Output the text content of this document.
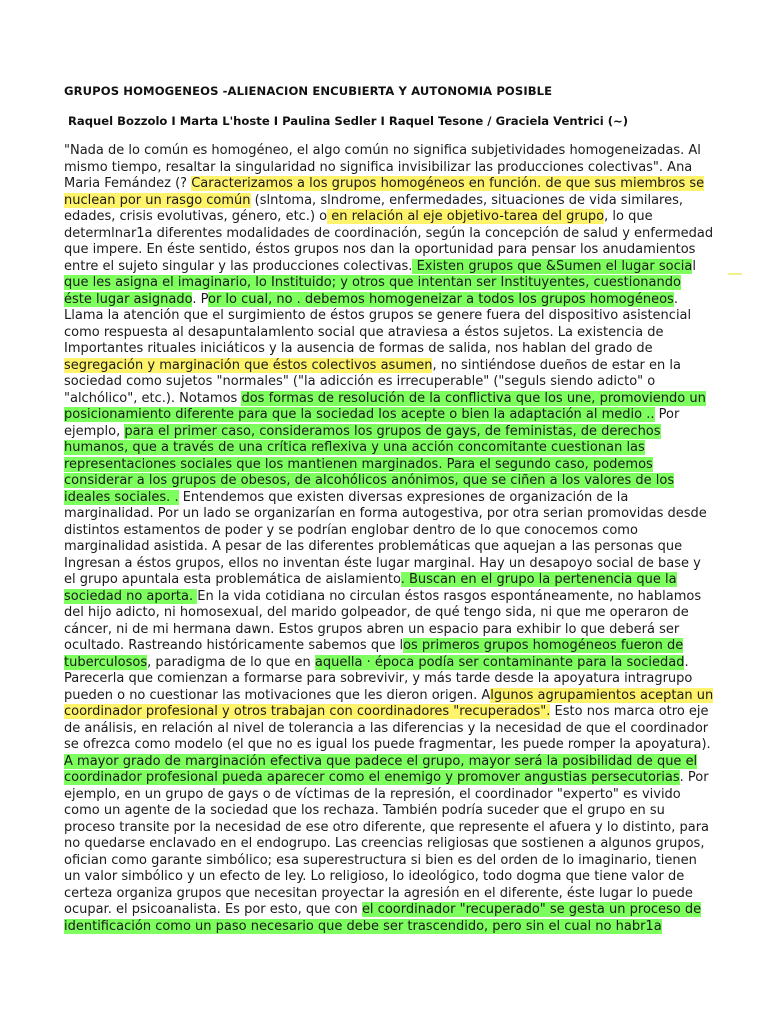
GRUPOS HOMOGENEOS -ALIENACION ENCUBIERTA Y AUTONOMIA POSIBLE
Raquel Bozzolo I Marta L'hoste I Paulina Sedler I Raquel Tesone / Graciela Ventrici (~)
"Nada de lo común es homogéneo, el algo común no significa subjetividades homogeneizadas. Al
mismo tiempo, resaltar la singularidad no significa invisibilizar las producciones colectivas". Ana
Maria Femández (? Caracterizamos a los grupos homogéneos en función. de que sus miembros se
nuclean por un rasgo común (slntoma, slndrome, enfermedades, situaciones de vida similares,
edades, crisis evolutivas, género, etc.) o en relación al eje objetivo-tarea del grupo, lo que
determlnar1a diferentes modalidades de coordinación, según la concepción de salud y enfermedad
que impere. En éste sentido, éstos grupos nos dan la oportunidad para pensar los anudamientos
entre el sujeto singular y las producciones colectivas. Existen grupos que &Sumen el lugar social
que les asigna el imaginario, lo Instituido; y otros que intentan ser Instituyentes, cuestionando
éste lugar asignado. Por lo cual, no . debemos homogeneizar a todos los grupos homogéneos.
Llama la atención que el surgimiento de éstos grupos se genere fuera del dispositivo asistencial
como respuesta al desapuntalamlento social que atraviesa a éstos sujetos. La existencia de
Importantes rituales iniciáticos y la ausencia de formas de salida, nos hablan del grado de
segregación y marginación que éstos colectivos asumen, no sintiéndose dueños de estar en la
sociedad como sujetos "normales" ("la adicción es irrecuperable" ("seguls siendo adicto" o
"alchólico", etc.). Notamos dos formas de resolución de la conflictiva que los une, promoviendo un
posicionamiento diferente para que la sociedad los acepte o bien la adaptación al medio .. Por
ejemplo, para el primer caso, consideramos los grupos de gays, de feministas, de derechos
humanos, que a través de una crítica reflexiva y una acción concomitante cuestionan las
representaciones sociales que los mantienen marginados. Para el segundo caso, podemos
considerar a los grupos de obesos, de alcohólicos anónimos, que se ciñen a los valores de los
ideales sociales. . Entendemos que existen diversas expresiones de organización de la
marginalidad. Por un lado se organizarían en forma autogestiva, por otra serian promovidas desde
distintos estamentos de poder y se podrían englobar dentro de lo que conocemos como
marginalidad asistida. A pesar de las diferentes problemáticas que aquejan a las personas que
Ingresan a éstos grupos, ellos no inventan éste lugar marginal. Hay un desapoyo social de base y
el grupo apuntala esta problemática de aislamiento. Buscan en el grupo la pertenencia que la
sociedad no aporta. En la vida cotidiana no circulan éstos rasgos espontáneamente, no hablamos
del hijo adicto, ni homosexual, del marido golpeador, de qué tengo sida, ni que me operaron de
cáncer, ni de mi hermana dawn. Estos grupos abren un espacio para exhibir lo que deberá ser
ocultado. Rastreando históricamente sabemos que los primeros grupos homogéneos fueron de
tuberculosos, paradigma de lo que en aquella · época podía ser contaminante para la sociedad.
Parecerla que comienzan a formarse para sobrevivir, y más tarde desde la apoyatura intragrupo
pueden o no cuestionar las motivaciones que les dieron origen. Algunos agrupamientos aceptan un
coordinador profesional y otros trabajan con coordinadores "recuperados". Esto nos marca otro eje
de análisis, en relación al nivel de tolerancia a las diferencias y la necesidad de que el coordinador
se ofrezca como modelo (el que no es igual los puede fragmentar, les puede romper la apoyatura).
A mayor grado de marginación efectiva que padece el grupo, mayor será la posibilidad de que el
coordinador profesional pueda aparecer como el enemigo y promover angustias persecutorias. Por
ejemplo, en un grupo de gays o de víctimas de la represión, el coordinador "experto" es vivido
como un agente de la sociedad que los rechaza. También podría suceder que el grupo en su
proceso transite por la necesidad de ese otro diferente, que represente el afuera y lo distinto, para
no quedarse enclavado en el endogrupo. Las creencias religiosas que sostienen a algunos grupos,
ofician como garante simbólico; esa superestructura si bien es del orden de lo imaginario, tienen
un valor simbólico y un efecto de ley. Lo religioso, lo ideológico, todo dogma que tiene valor de
certeza organiza grupos que necesitan proyectar la agresión en el diferente, éste lugar lo puede
ocupar. el psicoanalista. Es por esto, que con el coordinador "recuperado" se gesta un proceso de
identificación como un paso necesario que debe ser trascendido, pero sin el cual no habr1a
